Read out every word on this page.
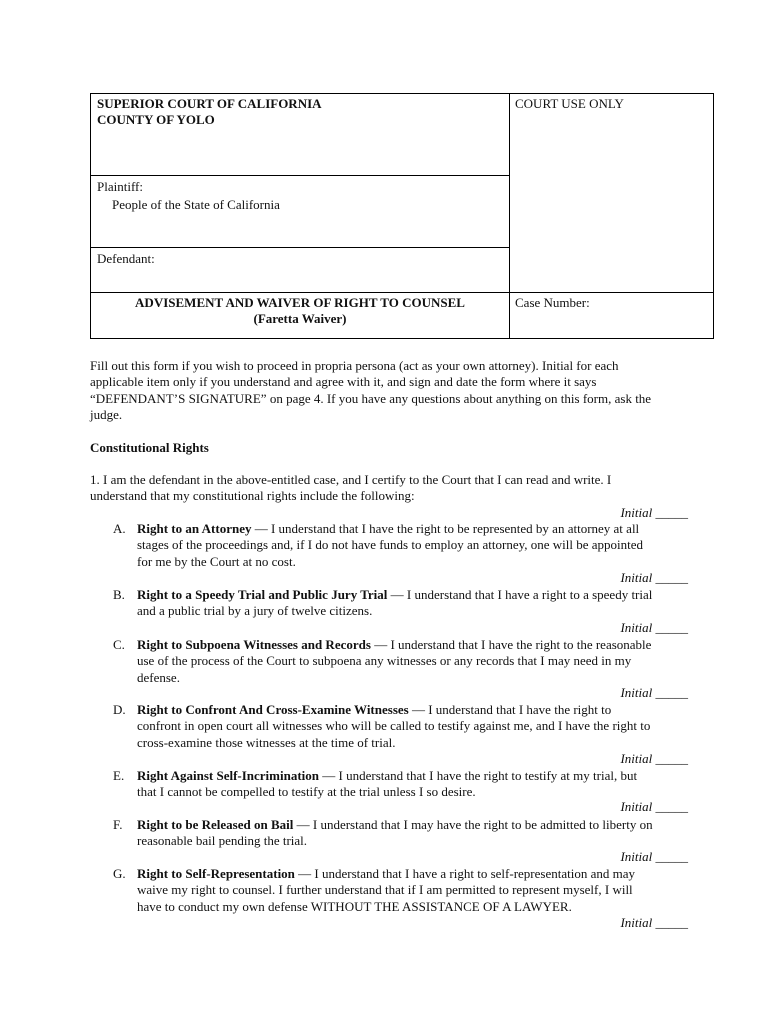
SUPERIOR COURT OF CALIFORNIA
COUNTY OF YOLO
Plaintiff:
People of the State of California
Defendant:
ADVISEMENT AND WAIVER OF RIGHT TO COUNSEL
(Faretta Waiver)
COURT USE ONLY
Case Number:
Fill out this form if you wish to proceed in propria persona (act as your own attorney). Initial for each
applicable item only if you understand and agree with it, and sign and date the form where it says
“DEFENDANT’S SIGNATURE” on page 4. If you have any questions about anything on this form, ask the
judge.
Constitutional Rights
1. I am the defendant in the above-entitled case, and I certify to the Court that I can read and write. I
understand that my constitutional rights include the following:
Initial _____
Initial _____
Initial _____
Initial _____
Initial _____
Initial _____
Initial _____
Initial _____
A. Right to an Attorney — I understand that I have the right to be represented by an attorney at all
stages of the proceedings and, if I do not have funds to employ an attorney, one will be appointed
for me by the Court at no cost.
B. Right to a Speedy Trial and Public Jury Trial — I understand that I have a right to a speedy trial
and a public trial by a jury of twelve citizens.
C. Right to Subpoena Witnesses and Records — I understand that I have the right to the reasonable
use of the process of the Court to subpoena any witnesses or any records that I may need in my
defense.
D. Right to Confront And Cross-Examine Witnesses — I understand that I have the right to
confront in open court all witnesses who will be called to testify against me, and I have the right to
cross-examine those witnesses at the time of trial.
E. Right Against Self-Incrimination — I understand that I have the right to testify at my trial, but
that I cannot be compelled to testify at the trial unless I so desire.
F. Right to be Released on Bail — I understand that I may have the right to be admitted to liberty on
reasonable bail pending the trial.
G. Right to Self-Representation — I understand that I have a right to self-representation and may
waive my right to counsel. I further understand that if I am permitted to represent myself, I will
have to conduct my own defense WITHOUT THE ASSISTANCE OF A LAWYER.
